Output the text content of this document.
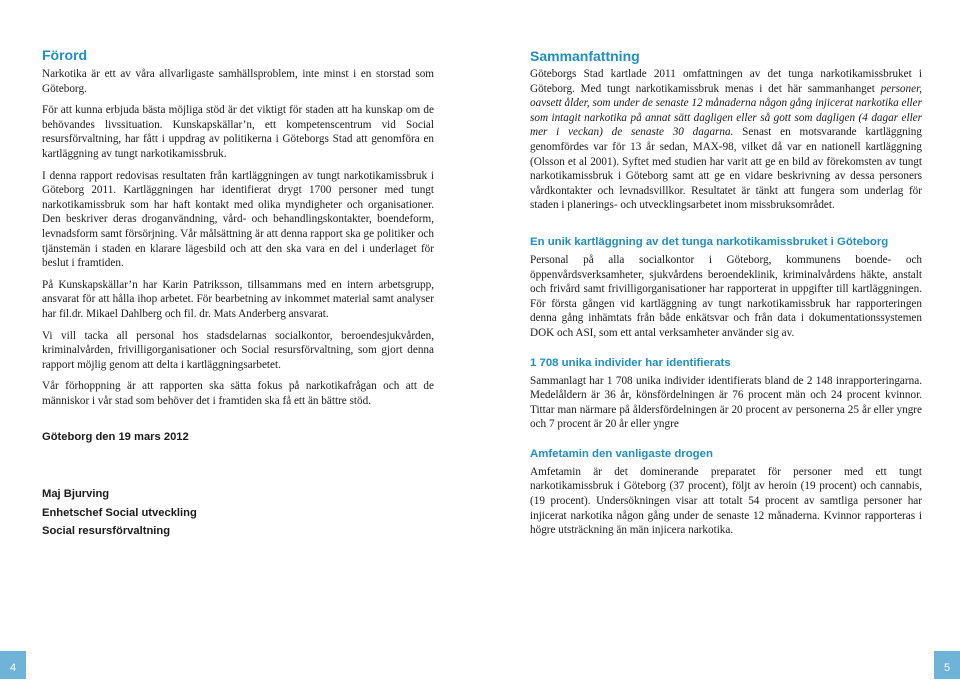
Förord

Narkotika är ett av våra allvarligaste samhällsproblem, inte minst i en storstad som Göteborg.

För att kunna erbjuda bästa möjliga stöd är det viktigt för staden att ha kunskap om de behövandes livssituation. Kunskapskällar’n, ett kompetenscentrum vid Social resursförvaltning, har fått i uppdrag av politikerna i Göteborgs Stad att genomföra en kartläggning av tungt narkotikamissbruk.

I denna rapport redovisas resultaten från kartläggningen av tungt narkotikamissbruk i Göteborg 2011. Kartläggningen har identifierat drygt 1700 personer med tungt narkotikamissbruk som har haft kontakt med olika myndigheter och organisationer. Den beskriver deras droganvändning, vård- och behandlingskontakter, boendeform, levnadsform samt försörjning. Vår målsättning är att denna rapport ska ge politiker och tjänstemän i staden en klarare lägesbild och att den ska vara en del i underlaget för beslut i framtiden.

På Kunskapskällar’n har Karin Patriksson, tillsammans med en intern arbetsgrupp, ansvarat för att hålla ihop arbetet. För bearbetning av inkommet material samt analyser har fil.dr. Mikael Dahlberg och fil. dr. Mats Anderberg ansvarat.

Vi vill tacka all personal hos stadsdelarnas socialkontor, beroendesjukvården, kriminalvården, frivilligorganisationer och Social resursförvaltning, som gjort denna rapport möjlig genom att delta i kartläggningsarbetet.

Vår förhoppning är att rapporten ska sätta fokus på narkotikafrågan och att de människor i vår stad som behöver det i framtiden ska få ett än bättre stöd.

Göteborg den 19 mars 2012

Maj Bjurving

Enhetschef Social utveckling

Social resursförvaltning

4
Sammanfattning

Göteborgs Stad kartlade 2011 omfattningen av det tunga narkotikamissbruket i Göteborg. Med tungt narkotikamissbruk menas i det här sammanhanget personer, oavsett ålder, som under de senaste 12 månaderna någon gång injicerat narkotika eller som intagit narkotika på annat sätt dagligen eller så gott som dagligen (4 dagar eller mer i veckan) de senaste 30 dagarna. Senast en motsvarande kartläggning genomfördes var för 13 år sedan, MAX-98, vilket då var en nationell kartläggning (Olsson et al 2001). Syftet med studien har varit att ge en bild av förekomsten av tungt narkotikamissbruk i Göteborg samt att ge en vidare beskrivning av dessa personers vårdkontakter och levnadsvillkor. Resultatet är tänkt att fungera som underlag för staden i planerings- och utvecklingsarbetet inom missbruksområdet.

En unik kartläggning av det tunga narkotikamissbruket i Göteborg

Personal på alla socialkontor i Göteborg, kommunens boende- och öppenvårdsverksamheter, sjukvårdens beroendeklinik, kriminalvårdens häkte, anstalt och frivård samt frivilligorganisationer har rapporterat in uppgifter till kartläggningen. För första gången vid kartläggning av tungt narkotikamissbruk har rapporteringen denna gång inhämtats från både enkätsvar och från data i dokumentationssystemen DOK och ASI, som ett antal verksamheter använder sig av.

1 708 unika individer har identifierats

Sammanlagt har 1 708 unika individer identifierats bland de 2 148 inrapporteringarna. Medelåldern är 36 år, könsfördelningen är 76 procent män och 24 procent kvinnor. Tittar man närmare på åldersfördelningen är 20 procent av personerna 25 år eller yngre och 7 procent är 20 år eller yngre

Amfetamin den vanligaste drogen

Amfetamin är det dominerande preparatet för personer med ett tungt narkotikamissbruk i Göteborg (37 procent), följt av heroin (19 procent) och cannabis, (19 procent). Undersökningen visar att totalt 54 procent av samtliga personer har injicerat narkotika någon gång under de senaste 12 månaderna. Kvinnor rapporteras i högre utsträckning än män injicera narkotika.

5
